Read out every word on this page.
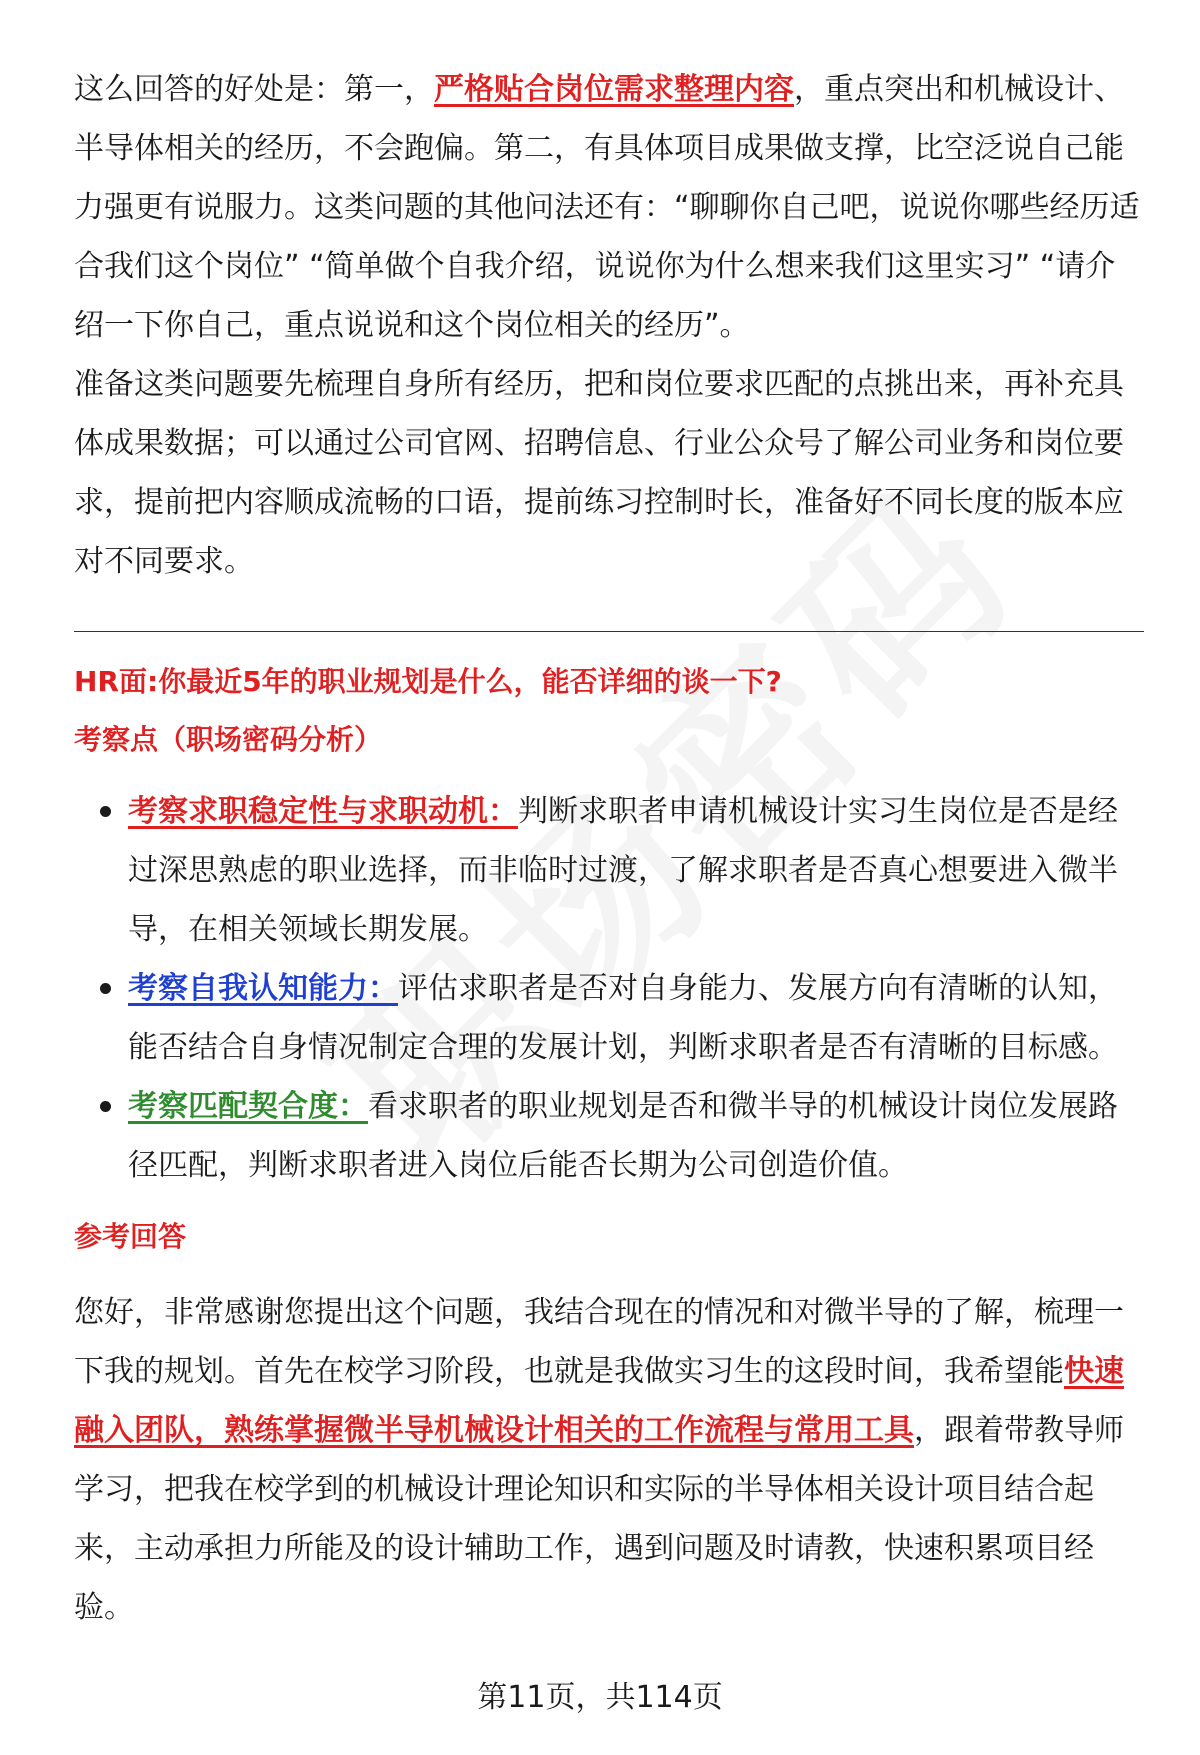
这么回答的好处是：第一，严格贴合岗位需求整理内容，重点突出和机械设计、半导体相关的经历，不会跑偏。第二，有具体项目成果做支撑，比空泛说自己能力强更有说服力。这类问题的其他问法还有：“聊聊你自己吧，说说你哪些经历适合我们这个岗位” “简单做个自我介绍，说说你为什么想来我们这里实习” “请介绍一下你自己，重点说说和这个岗位相关的经历”。

准备这类问题要先梳理自身所有经历，把和岗位要求匹配的点挑出来，再补充具体成果数据；可以通过公司官网、招聘信息、行业公众号了解公司业务和岗位要求，提前把内容顺成流畅的口语，提前练习控制时长，准备好不同长度的版本应对不同要求。

HR面:你最近5年的职业规划是什么，能否详细的谈一下?
考察点（职场密码分析）
考察求职稳定性与求职动机：判断求职者申请机械设计实习生岗位是否是经过深思熟虑的职业选择，而非临时过渡，了解求职者是否真心想要进入微半导，在相关领域长期发展。
考察自我认知能力：评估求职者是否对自身能力、发展方向有清晰的认知，能否结合自身情况制定合理的发展计划，判断求职者是否有清晰的目标感。
考察匹配契合度：看求职者的职业规划是否和微半导的机械设计岗位发展路径匹配，判断求职者进入岗位后能否长期为公司创造价值。
参考回答

您好，非常感谢您提出这个问题，我结合现在的情况和对微半导的了解，梳理一下我的规划。首先在校学习阶段，也就是我做实习生的这段时间，我希望能快速融入团队，熟练掌握微半导机械设计相关的工作流程与常用工具，跟着带教导师学习，把我在校学到的机械设计理论知识和实际的半导体相关设计项目结合起来，主动承担力所能及的设计辅助工作，遇到问题及时请教，快速积累项目经验。

第11页，共114页
